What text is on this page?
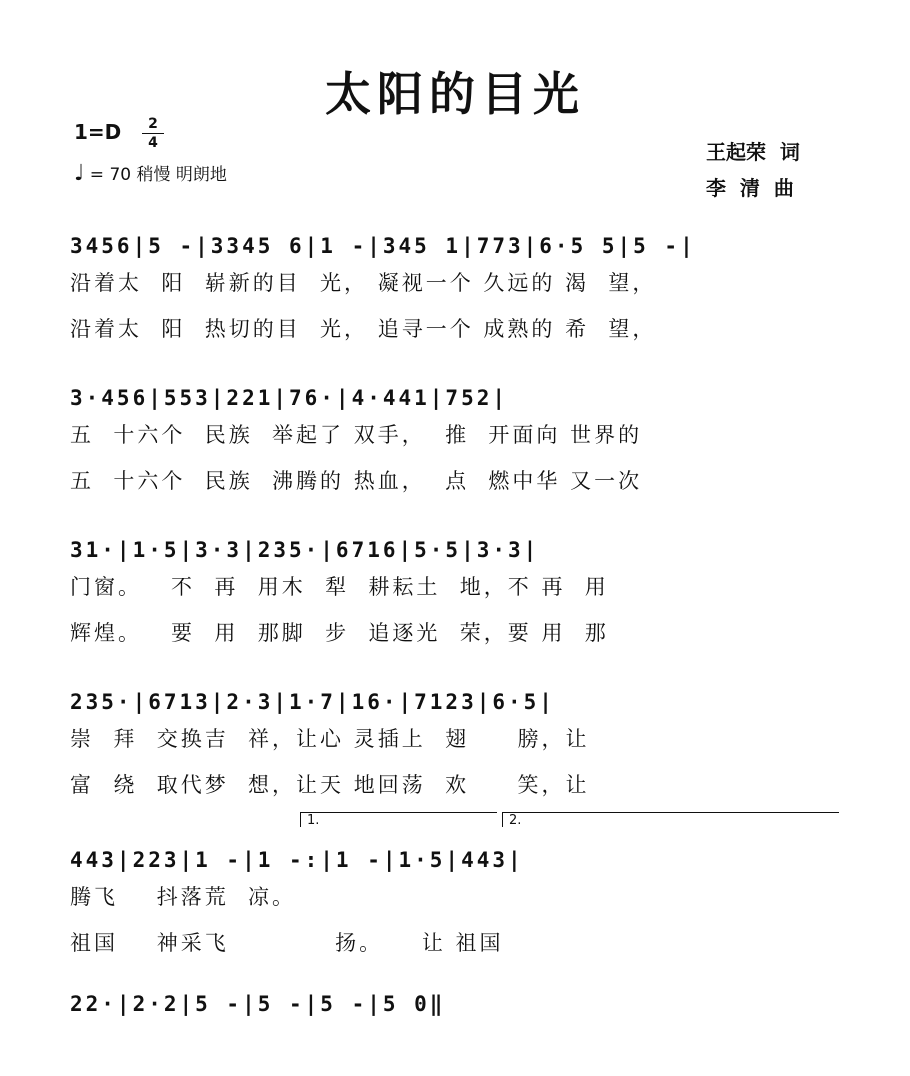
太阳的目光
1=D	2
4
♩ = 70 稍慢 明朗地
王起荣  词
李  清  曲
3456|5 -|3345 6|1 -|345 1|773|6·5 5|5 -|
沿着太  阳  崭新的目  光， 凝视一个 久远的 渴  望，
沿着太  阳  热切的目  光， 追寻一个 成熟的 希  望，
3·456|553|221|76·|4·441|752|
五  十六个  民族  举起了 双手，  推  开面向 世界的
五  十六个  民族  沸腾的 热血，  点  燃中华 又一次
31·|1·5|3·3|235·|6716|5·5|3·3|
门窗。   不  再  用木  犁  耕耘土  地，不 再  用
辉煌。   要  用  那脚  步  追逐光  荣，要 用  那
235·|6713|2·3|1·7|16·|7123|6·5|
崇  拜  交换吉  祥，让心 灵插上  翅     膀，让
富  绕  取代梦  想，让天 地回荡  欢     笑，让
1.	2.
443|223|1 -|1 -:|1 -|1·5|443|
腾飞    抖落荒  凉。
祖国    神采飞           扬。    让 祖国
22·|2·2|5 -|5 -|5 -|5 0‖
